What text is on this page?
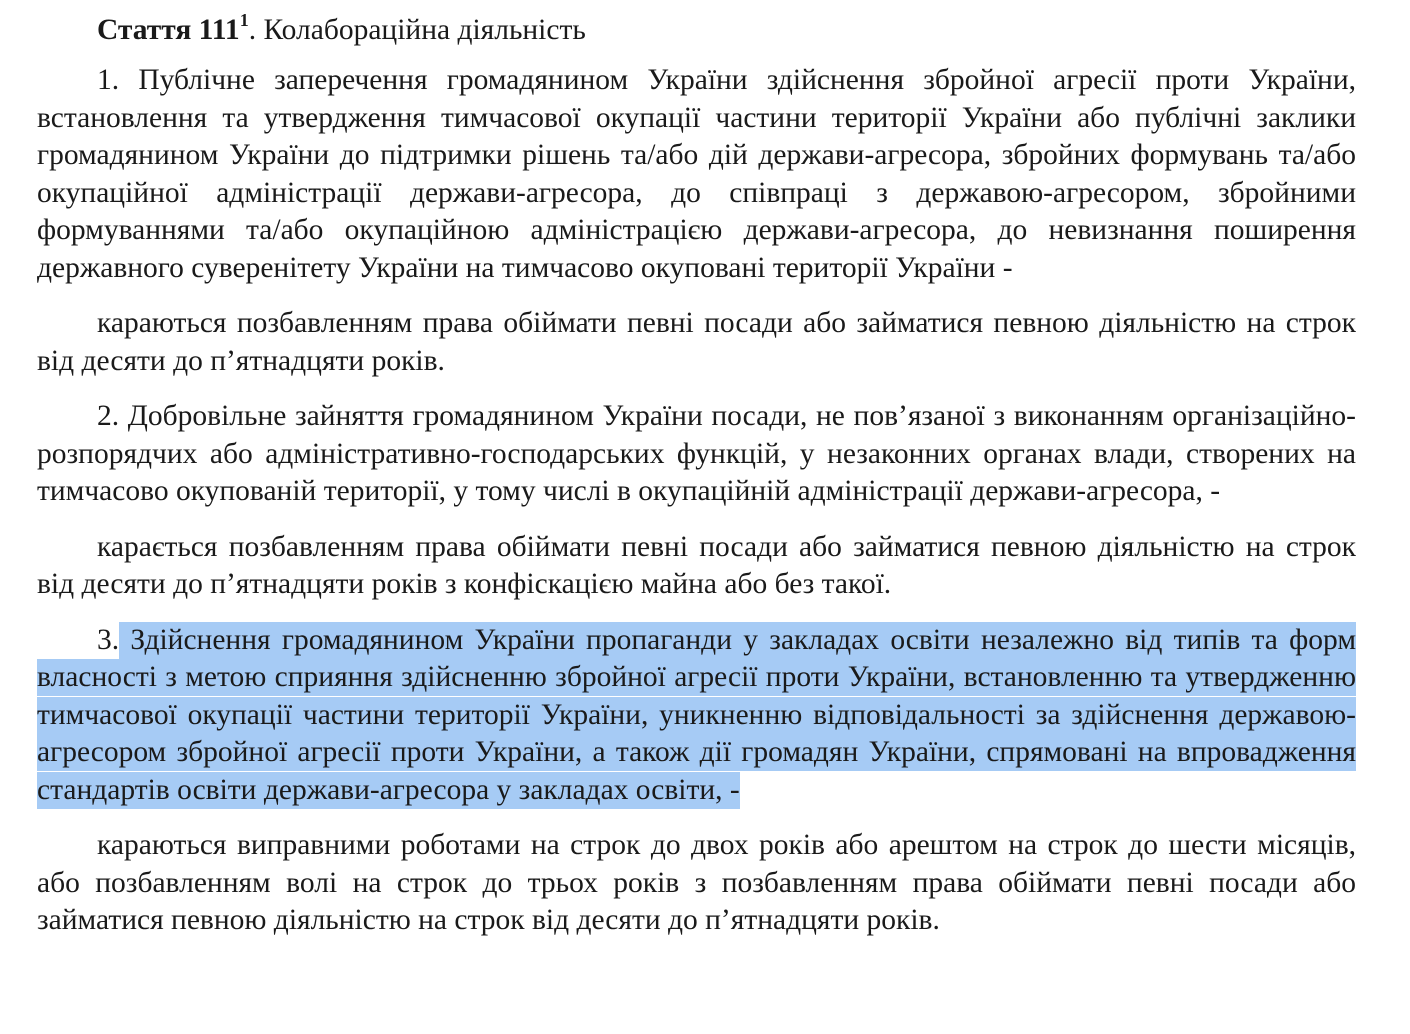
Стаття $111^1$. Колабораційна діяльність

1. Публічне заперечення громадянином України здійснення збройної агресії проти України, встановлення та утвердження тимчасової окупації частини території України або публічні заклики громадянином України до підтримки рішень та/або дій держави-агресора, збройних формувань та/або окупаційної адміністрації держави-агресора, до співпраці з державою-агресором, збройними формуваннями та/або окупаційною адміністрацією держави-агресора, до невизнання поширення державного суверенітету України на тимчасово окуповані території України -

караються позбавленням права обіймати певні посади або займатися певною діяльністю на строк від десяти до п’ятнадцяти років.

2. Добровільне зайняття громадянином України посади, не пов’язаної з виконанням організаційно-розпорядчих або адміністративно-господарських функцій, у незаконних органах влади, створених на тимчасово окупованій території, у тому числі в окупаційній адміністрації держави-агресора, -

карається позбавленням права обіймати певні посади або займатися певною діяльністю на строк від десяти до п’ятнадцяти років з конфіскацією майна або без такої.

3. Здійснення громадянином України пропаганди у закладах освіти незалежно від типів та форм власності з метою сприяння здійсненню збройної агресії проти України, встановленню та утвердженню тимчасової окупації частини території України, уникненню відповідальності за здійснення державою-агресором збройної агресії проти України, а також дії громадян України, спрямовані на впровадження стандартів освіти держави-агресора у закладах освіти, -

караються виправними роботами на строк до двох років або арештом на строк до шести місяців, або позбавленням волі на строк до трьох років з позбавленням права обіймати певні посади або займатися певною діяльністю на строк від десяти до п’ятнадцяти років.
